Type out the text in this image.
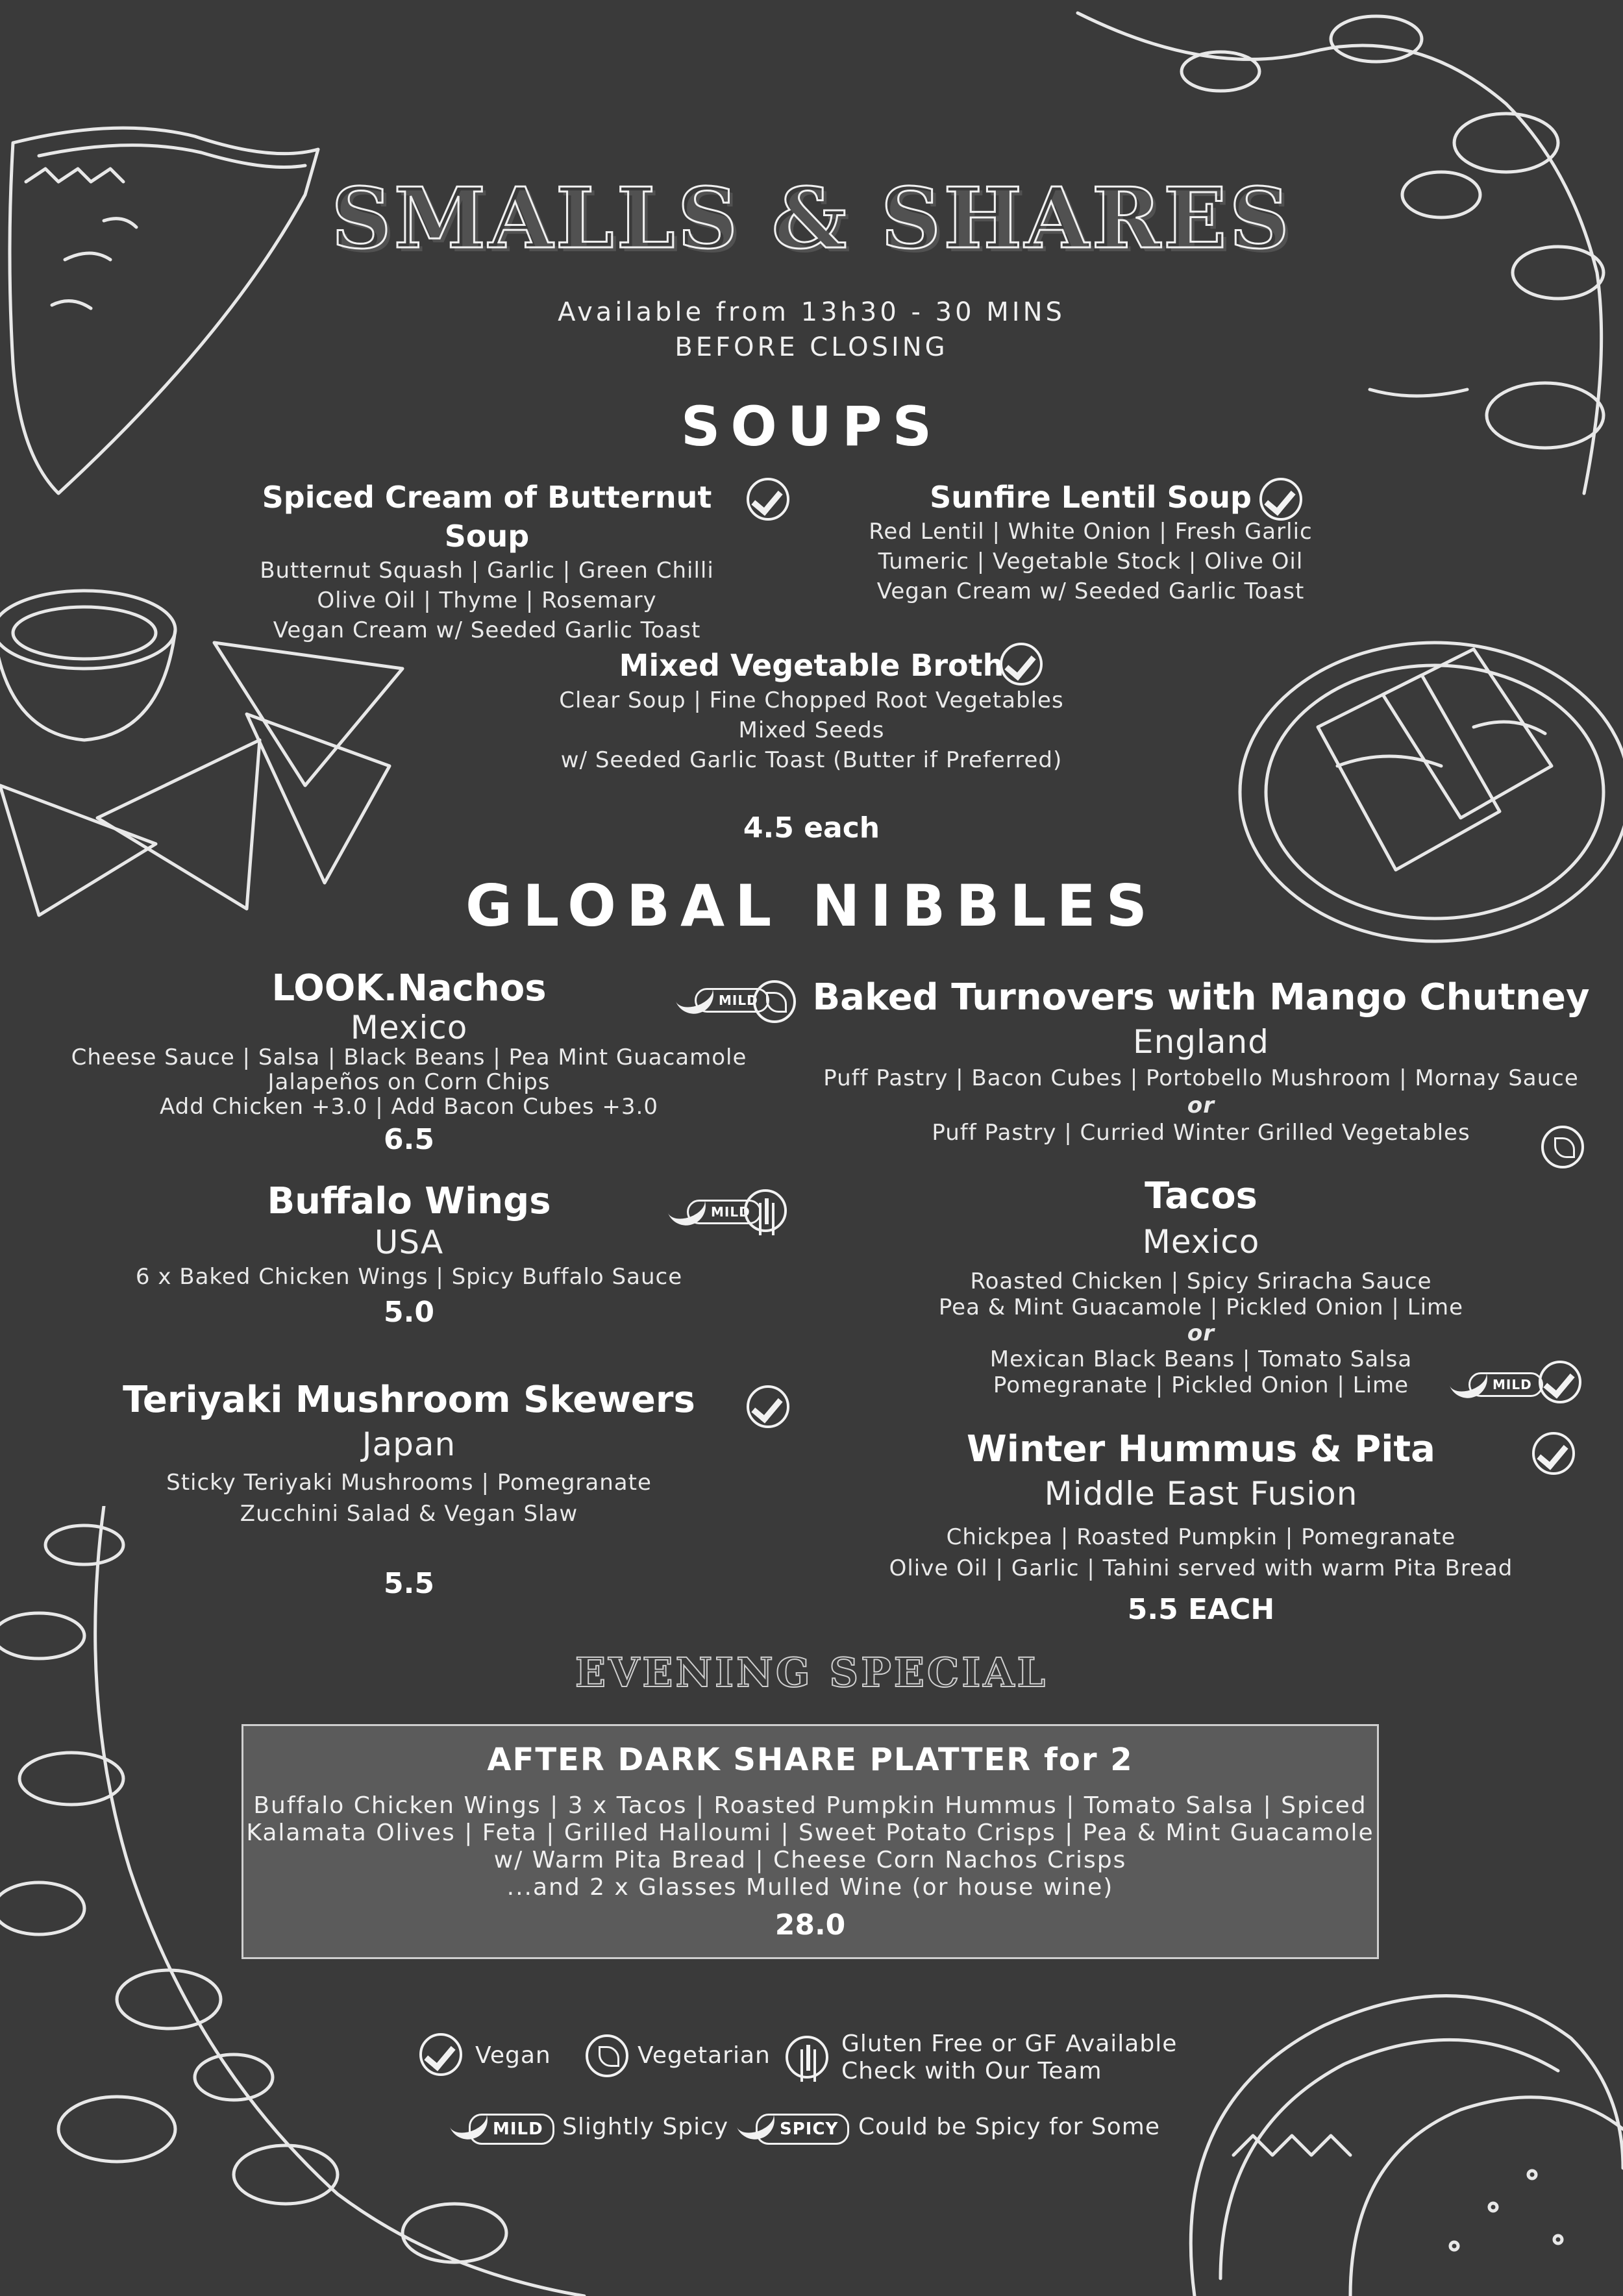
SMALLS & SHARES
Available from 13h30 - 30 MINS
BEFORE CLOSING
SOUPS
Spiced Cream of Butternut Soup
Butternut Squash | Garlic | Green Chilli
Olive Oil | Thyme | Rosemary
Vegan Cream w/ Seeded Garlic Toast
Sunfire Lentil Soup
Red Lentil | White Onion | Fresh Garlic
Tumeric | Vegetable Stock | Olive Oil
Vegan Cream w/ Seeded Garlic Toast
Mixed Vegetable Broth
Clear Soup | Fine Chopped Root Vegetables
Mixed Seeds
w/ Seeded Garlic Toast (Butter if Preferred)
4.5 each
GLOBAL NIBBLES
LOOK.Nachos
Mexico
Cheese Sauce | Salsa | Black Beans | Pea Mint Guacamole
Jalapeños on Corn Chips
Add Chicken +3.0 | Add Bacon Cubes +3.0
6.5
MILD
Buffalo Wings
USA
6 x Baked Chicken Wings | Spicy Buffalo Sauce
5.0
MILD
Teriyaki Mushroom Skewers
Japan
Sticky Teriyaki Mushrooms | Pomegranate
Zucchini Salad & Vegan Slaw
5.5
Baked Turnovers with Mango Chutney
England
Puff Pastry | Bacon Cubes | Portobello Mushroom | Mornay Sauce
or
Puff Pastry | Curried Winter Grilled Vegetables
Tacos
Mexico
Roasted Chicken | Spicy Sriracha Sauce
Pea & Mint Guacamole | Pickled Onion | Lime
or
Mexican Black Beans | Tomato Salsa
Pomegranate | Pickled Onion | Lime	MILD
Winter Hummus & Pita
Middle East Fusion
Chickpea | Roasted Pumpkin | Pomegranate
Olive Oil | Garlic | Tahini served with warm Pita Bread
5.5 EACH
EVENING SPECIAL
AFTER DARK SHARE PLATTER for 2
Buffalo Chicken Wings | 3 x Tacos | Roasted Pumpkin Hummus | Tomato Salsa | Spiced
Kalamata Olives | Feta | Grilled Halloumi | Sweet Potato Crisps | Pea & Mint Guacamole
w/ Warm Pita Bread | Cheese Corn Nachos Crisps
...and 2 x Glasses Mulled Wine (or house wine)
28.0
Vegan	Vegetarian	Gluten Free or GF Available
Check with Our Team
MILD Slightly Spicy	SPICY Could be Spicy for Some
